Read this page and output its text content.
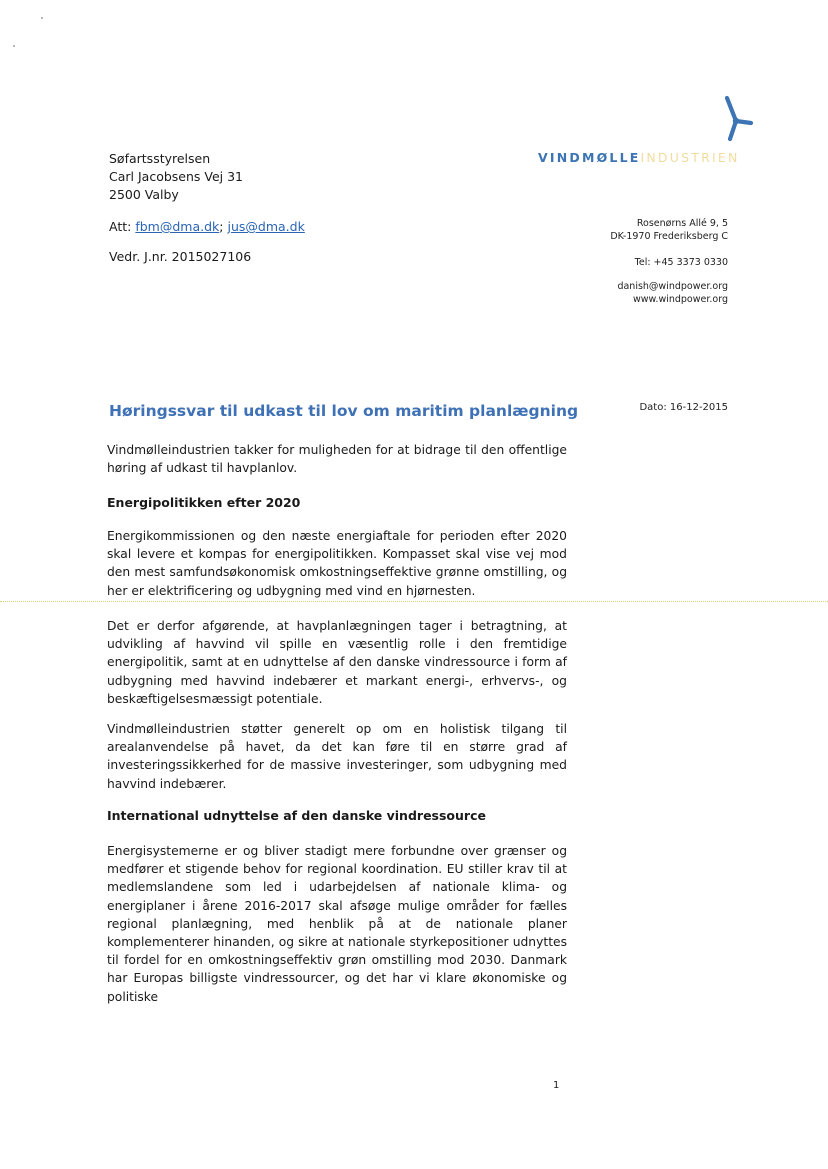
VINDMØLLEINDUSTRIEN
Søfartsstyrelsen
Carl Jacobsens Vej 31
2500 Valby
Att: fbm@dma.dk; jus@dma.dk
Vedr. J.nr. 2015027106
Rosenørns Allé 9, 5
DK-1970 Frederiksberg C
Tel: +45 3373 0330
danish@windpower.org
www.windpower.org
Høringssvar til udkast til lov om maritim planlægning	Dato: 16-12-2015

Vindmølleindustrien takker for muligheden for at bidrage til den offentlige høring af udkast til havplanlov.

Energipolitikken efter 2020

Energikommissionen og den næste energiaftale for perioden efter 2020 skal levere et kompas for energipolitikken. Kompasset skal vise vej mod den mest samfundsøkonomisk omkostningseffektive grønne omstilling, og her er elektrificering og udbygning med vind en hjørnesten.

Det er derfor afgørende, at havplanlægningen tager i betragtning, at udvikling af havvind vil spille en væsentlig rolle i den fremtidige energipolitik, samt at en udnyttelse af den danske vindressource i form af udbygning med havvind indebærer et markant energi-, erhvervs-, og beskæftigelsesmæssigt potentiale.

Vindmølleindustrien støtter generelt op om en holistisk tilgang til arealanvendelse på havet, da det kan føre til en større grad af investeringssikkerhed for de massive investeringer, som udbygning med havvind indebærer.

International udnyttelse af den danske vindressource

Energisystemerne er og bliver stadigt mere forbundne over grænser og medfører et stigende behov for regional koordination. EU stiller krav til at medlemslandene som led i udarbejdelsen af nationale klima- og energiplaner i årene 2016-2017 skal afsøge mulige områder for fælles regional planlægning, med henblik på at de nationale planer komplementerer hinanden, og sikre at nationale styrkepositioner udnyttes til fordel for en omkostningseffektiv grøn omstilling mod 2030. Danmark har Europas billigste vindressourcer, og det har vi klare økonomiske og politiske

1
